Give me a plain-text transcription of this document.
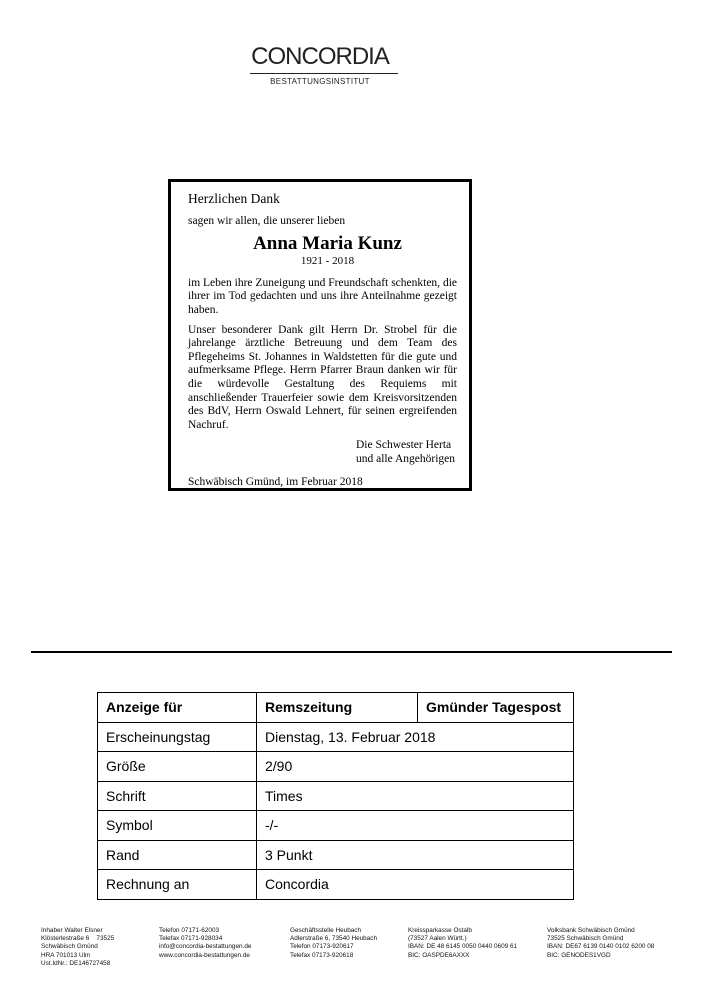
CONCORDIA
BESTATTUNGSINSTITUT
Herzlichen Dank
sagen wir allen, die unserer lieben
Anna Maria Kunz
1921 - 2018
im Leben ihre Zuneigung und Freundschaft schenkten, die ihrer im Tod gedachten und uns ihre Anteilnahme gezeigt haben.
Unser besonderer Dank gilt Herrn Dr. Strobel für die jahrelange ärztliche Betreuung und dem Team des Pflegeheims St. Johannes in Waldstetten für die gute und aufmerksame Pflege. Herrn Pfarrer Braun danken wir für die würdevolle Gestaltung des Requiems mit anschließender Trauerfeier sowie dem Kreisvorsitzenden des BdV, Herrn Oswald Lehnert, für seinen ergreifenden Nachruf.
Die Schwester Herta
und alle Angehörigen
Schwäbisch Gmünd, im Februar 2018
Anzeige für	Remszeitung	Gmünder Tagespost
Erscheinungstag	Dienstag, 13. Februar 2018	
Größe	2/90	
Schrift	Times	
Symbol	-/-	
Rand	3 Punkt	
Rechnung an	Concordia	
Inhaber Walter Elsner
Klösterlestraße 6    73525
Schwäbisch Gmünd
HRA 701013 Ulm
Ust.IdNr.: DE146727458
Telefon 07171-62003
Telefax 07171-928034
info@concordia-bestattungen.de
www.concordia-bestattungen.de
Geschäftsstelle Heubach
Adlerstraße 6, 73540 Heubach
Telefon 07173-920617
Telefax 07173-920618
Kreissparkasse Ostalb
(73527 Aalen Württ.)
IBAN: DE 48 6145 0050 0440 0609 61
BIC: OASPDE6AXXX
Volksbank Schwäbisch Gmünd
73525 Schwäbisch Gmünd
IBAN: DE67 6139 0140 0102 6200 08
BIC: GENODES1VGD
